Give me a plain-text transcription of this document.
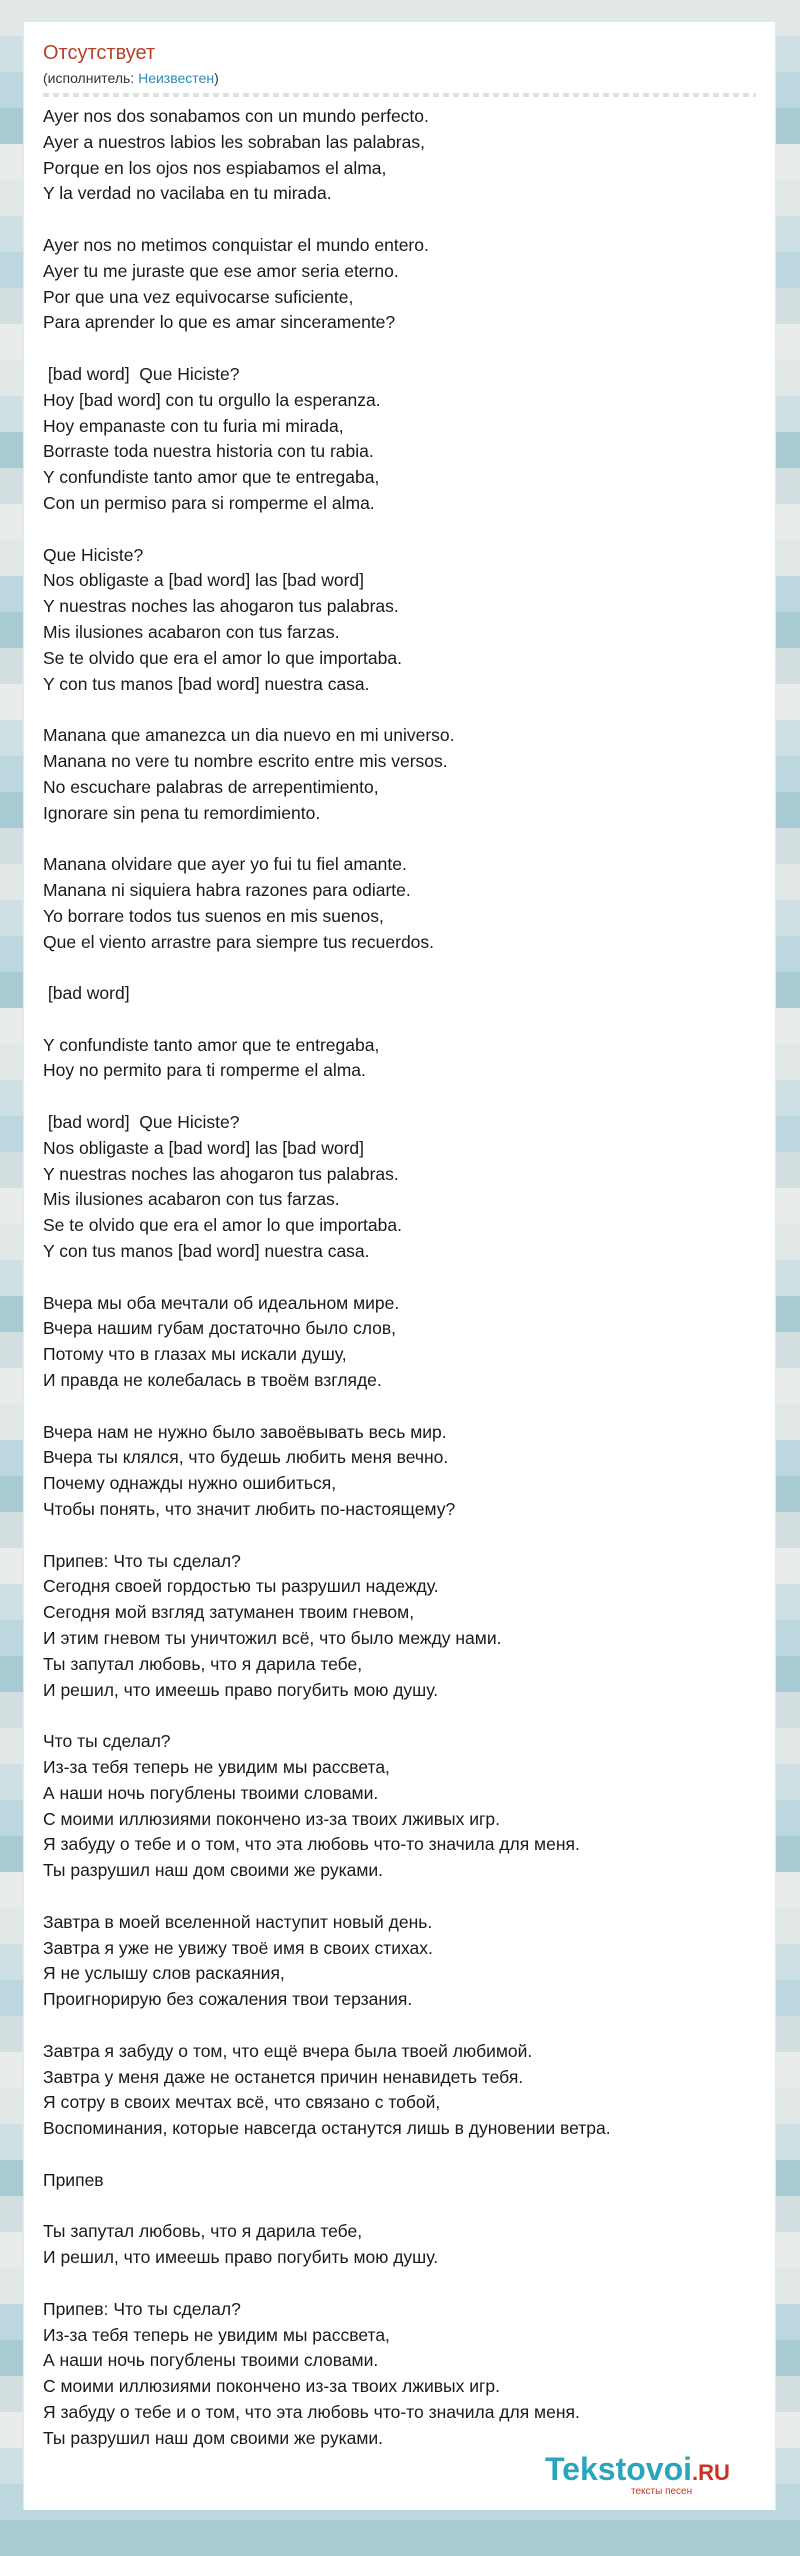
Отсутствует
(исполнитель: Неизвестен)
Ayer nos dos sonabamos con un mundo perfecto.
Ayer a nuestros labios les sobraban las palabras,
Porque en los ojos nos espiabamos el alma,
Y la verdad no vacilaba en tu mirada.
Ayer nos no metimos conquistar el mundo entero.
Ayer tu me juraste que ese amor seria eterno.
Por que una vez equivocarse suficiente,
Para aprender lo que es amar sinceramente?
[bad word]  Que Hiciste?
Hoy [bad word] con tu orgullo la esperanza.
Hoy empanaste con tu furia mi mirada,
Borraste toda nuestra historia con tu rabia.
Y confundiste tanto amor que te entregaba,
Con un permiso para si romperme el alma.
Que Hiciste?
Nos obligaste a [bad word] las [bad word]
Y nuestras noches las ahogaron tus palabras.
Mis ilusiones acabaron con tus farzas.
Se te olvido que era el amor lo que importaba.
Y con tus manos [bad word] nuestra casa.
Manana que amanezca un dia nuevo en mi universo.
Manana no vere tu nombre escrito entre mis versos.
No escuchare palabras de arrepentimiento,
Ignorare sin pena tu remordimiento.
Manana olvidare que ayer yo fui tu fiel amante.
Manana ni siquiera habra razones para odiarte.
Yo borrare todos tus suenos en mis suenos,
Que el viento arrastre para siempre tus recuerdos.
[bad word]
Y confundiste tanto amor que te entregaba,
Hoy no permito para ti romperme el alma.
[bad word]  Que Hiciste?
Nos obligaste a [bad word] las [bad word]
Y nuestras noches las ahogaron tus palabras.
Mis ilusiones acabaron con tus farzas.
Se te olvido que era el amor lo que importaba.
Y con tus manos [bad word] nuestra casa.
Вчера мы оба мечтали об идеальном мире.
Вчера нашим губам достаточно было слов,
Потому что в глазах мы искали душу,
И правда не колебалась в твоём взгляде.
Вчера нам не нужно было завоёвывать весь мир.
Вчера ты клялся, что будешь любить меня вечно.
Почему однажды нужно ошибиться,
Чтобы понять, что значит любить по-настоящему?
Припев: Что ты сделал?
Сегодня своей гордостью ты разрушил надежду.
Сегодня мой взгляд затуманен твоим гневом,
И этим гневом ты уничтожил всё, что было между нами.
Ты запутал любовь, что я дарила тебе,
И решил, что имеешь право погубить мою душу.
Что ты сделал?
Из-за тебя теперь не увидим мы рассвета,
А наши ночь погублены твоими словами.
С моими иллюзиями покончено из-за твоих лживых игр.
Я забуду о тебе и о том, что эта любовь что-то значила для меня.
Ты разрушил наш дом своими же руками.
Завтра в моей вселенной наступит новый день.
Завтра я уже не увижу твоё имя в своих стихах.
Я не услышу слов раскаяния,
Проигнорирую без сожаления твои терзания.
Завтра я забуду о том, что ещё вчера была твоей любимой.
Завтра у меня даже не останется причин ненавидеть тебя.
Я сотру в своих мечтах всё, что связано с тобой,
Воспоминания, которые навсегда останутся лишь в дуновении ветра.
Припев
Ты запутал любовь, что я дарила тебе,
И решил, что имеешь право погубить мою душу.
Припев: Что ты сделал?
Из-за тебя теперь не увидим мы рассвета,
А наши ночь погублены твоими словами.
С моими иллюзиями покончено из-за твоих лживых игр.
Я забуду о тебе и о том, что эта любовь что-то значила для меня.
Ты разрушил наш дом своими же руками.
Tekstovoi.RU
тексты песен
